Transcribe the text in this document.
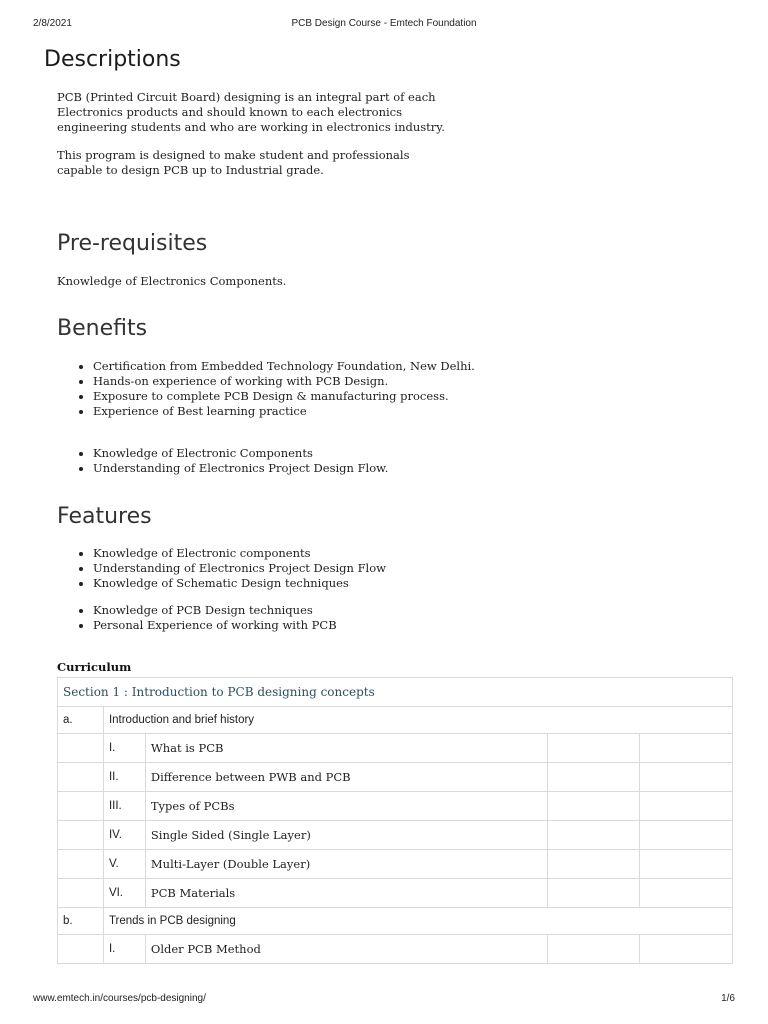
2/8/2021	PCB Design Course - Emtech Foundation
Descriptions

PCB (Printed Circuit Board) designing is an integral part of each Electronics products and should known to each electronics engineering students and who are working in electronics industry.

This program is designed to make student and professionals capable to design PCB up to Industrial grade.

Pre-requisites

Knowledge of Electronics Components.

Benefits
• Certification from Embedded Technology Foundation, New Delhi.
• Hands-on experience of working with PCB Design.
• Exposure to complete PCB Design & manufacturing process.
• Experience of Best learning practice
• Knowledge of Electronic Components
• Understanding of Electronics Project Design Flow.
Features
• Knowledge of Electronic components
• Understanding of Electronics Project Design Flow
• Knowledge of Schematic Design techniques
• Knowledge of PCB Design techniques
• Personal Experience of working with PCB

Curriculum

Section 1 : Introduction to PCB designing concepts				
a.	Introduction and brief history			
	I.	What is PCB		
	II.	Difference between PWB and PCB		
	III.	Types of PCBs		
	IV.	Single Sided (Single Layer)		
	V.	Multi-Layer (Double Layer)		
	VI.	PCB Materials		
b.	Trends in PCB designing			
	I.	Older PCB Method		
www.emtech.in/courses/pcb-designing/	1/6
